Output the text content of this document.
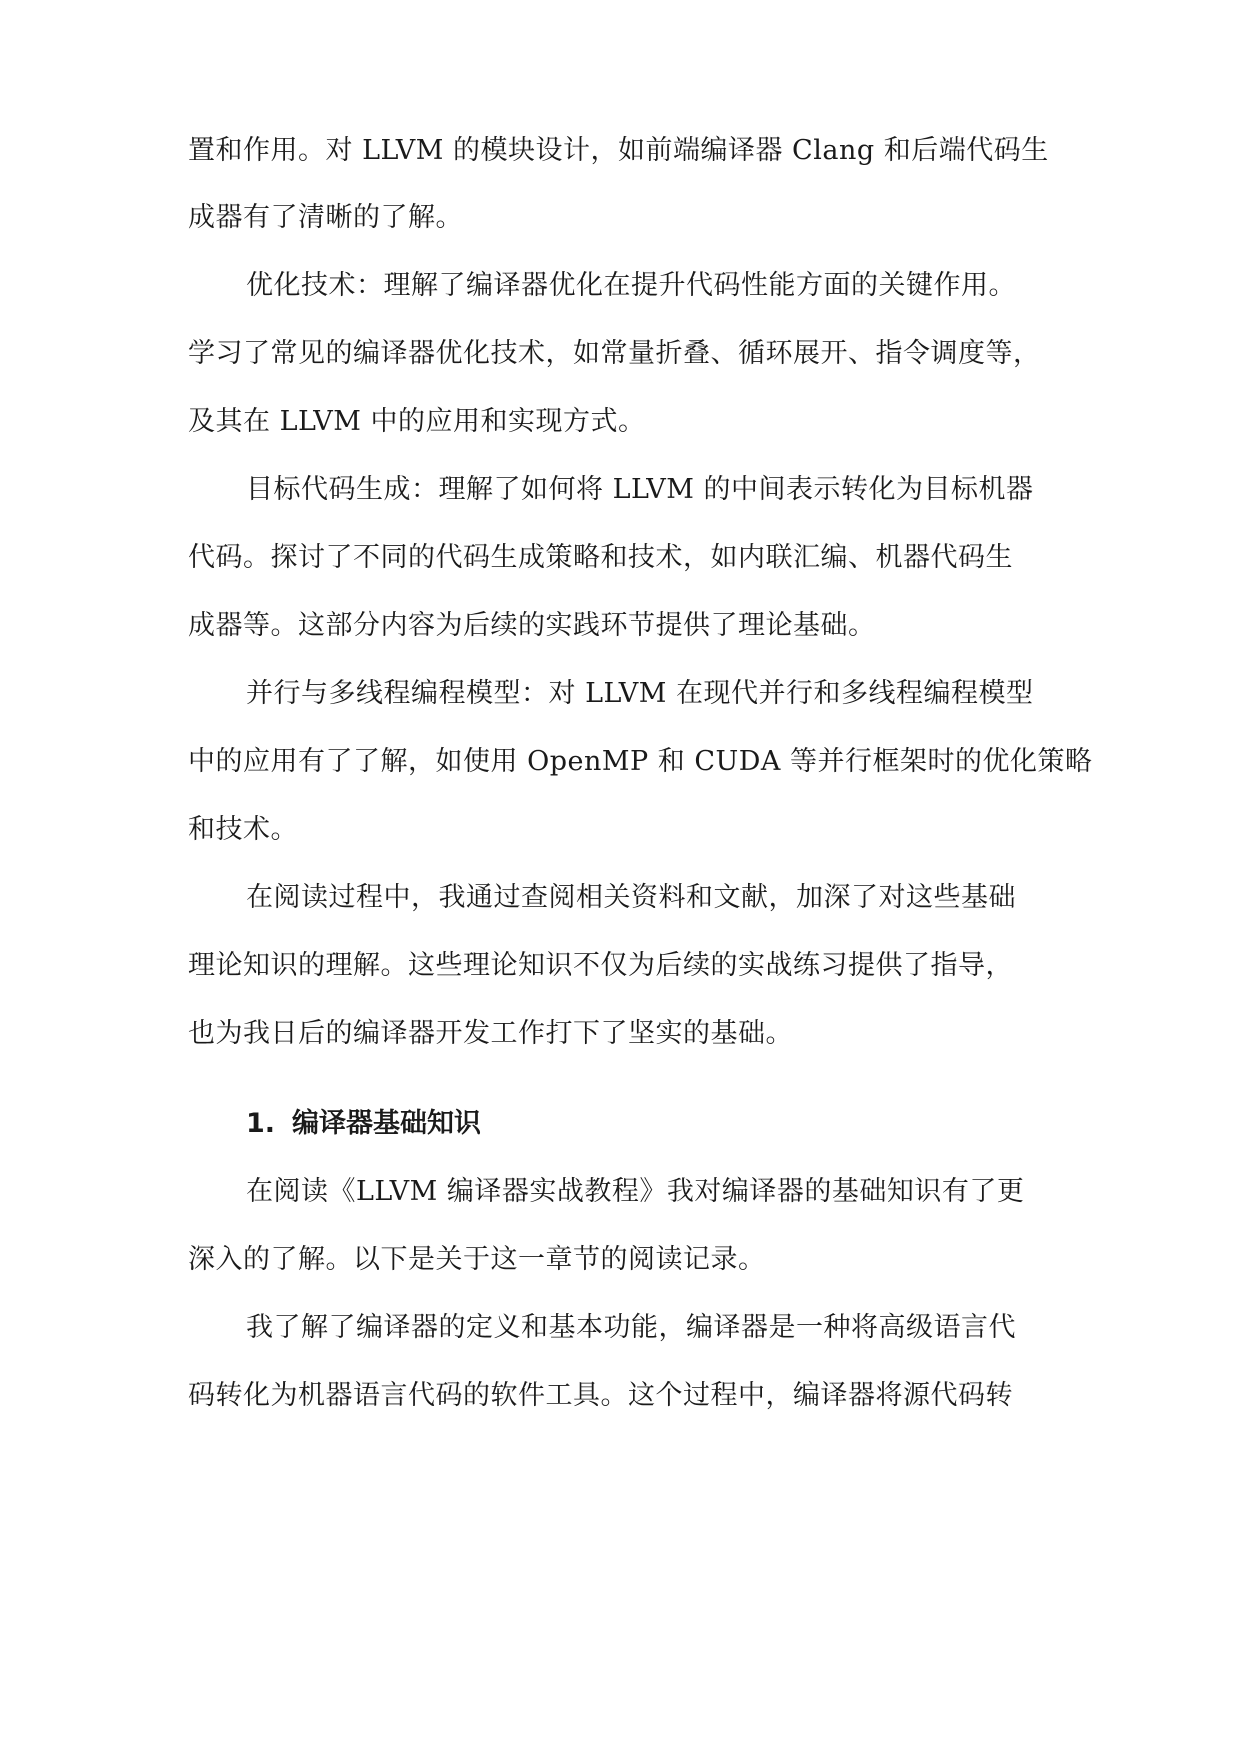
置和作用。对 LLVM 的模块设计，如前端编译器 Clang 和后端代码生
成器有了清晰的了解。
优化技术：理解了编译器优化在提升代码性能方面的关键作用。
学习了常见的编译器优化技术，如常量折叠、循环展开、指令调度等，
及其在 LLVM 中的应用和实现方式。
目标代码生成：理解了如何将 LLVM 的中间表示转化为目标机器
代码。探讨了不同的代码生成策略和技术，如内联汇编、机器代码生
成器等。这部分内容为后续的实践环节提供了理论基础。
并行与多线程编程模型：对 LLVM 在现代并行和多线程编程模型
中的应用有了了解，如使用 OpenMP 和 CUDA 等并行框架时的优化策略
和技术。
在阅读过程中，我通过查阅相关资料和文献，加深了对这些基础
理论知识的理解。这些理论知识不仅为后续的实战练习提供了指导，
也为我日后的编译器开发工作打下了坚实的基础。
1. 编译器基础知识
在阅读《LLVM 编译器实战教程》我对编译器的基础知识有了更
深入的了解。以下是关于这一章节的阅读记录。
我了解了编译器的定义和基本功能，编译器是一种将高级语言代
码转化为机器语言代码的软件工具。这个过程中，编译器将源代码转
